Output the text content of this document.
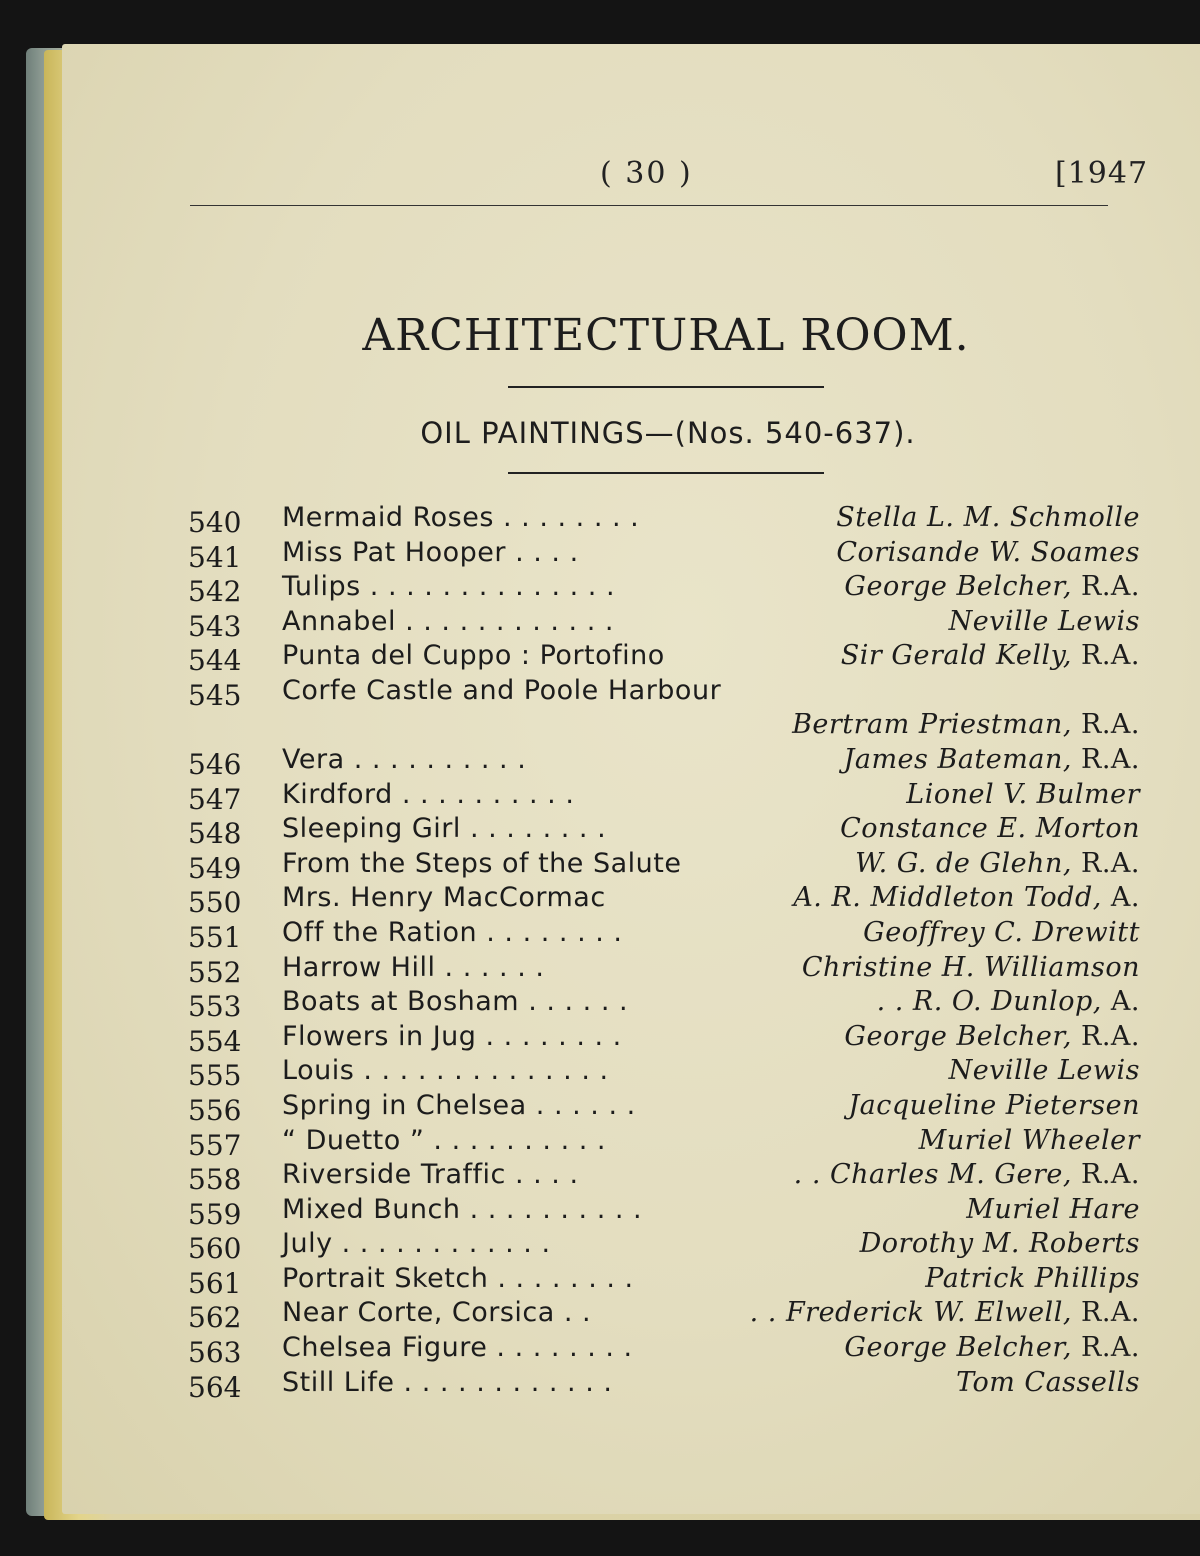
( 30 )	[1947
ARCHITECTURAL ROOM.
OIL PAINTINGS—(Nos. 540-637).
540 Mermaid Roses . . . . . . . .	Stella L. M. Schmolle
541 Miss Pat Hooper . . . .	Corisande W. Soames
542 Tulips . . . . . . . . . . . . . .	George Belcher, R.A.
543 Annabel . . . . . . . . . . . .	Neville Lewis
544 Punta del Cuppo : Portofino	Sir Gerald Kelly, R.A.
545 Corfe Castle and Poole Harbour
Bertram Priestman, R.A.
546 Vera . . . . . . . . . .	James Bateman, R.A.
547 Kirdford . . . . . . . . . .	Lionel V. Bulmer
548 Sleeping Girl . . . . . . . .	Constance E. Morton
549 From the Steps of the Salute	W. G. de Glehn, R.A.
550 Mrs. Henry MacCormac	A. R. Middleton Todd, A.
551 Off the Ration . . . . . . . .	Geoffrey C. Drewitt
552 Harrow Hill . . . . . .	Christine H. Williamson
553 Boats at Bosham . . . . . .	. . R. O. Dunlop, A.
554 Flowers in Jug . . . . . . . .	George Belcher, R.A.
555 Louis . . . . . . . . . . . . . .	Neville Lewis
556 Spring in Chelsea . . . . . .	Jacqueline Pietersen
557 “ Duetto ” . . . . . . . . . .	Muriel Wheeler
558 Riverside Traffic . . . .	. . Charles M. Gere, R.A.
559 Mixed Bunch . . . . . . . . . .	Muriel Hare
560 July . . . . . . . . . . . .	Dorothy M. Roberts
561 Portrait Sketch . . . . . . . .	Patrick Phillips
562 Near Corte, Corsica . .	. . Frederick W. Elwell, R.A.
563 Chelsea Figure . . . . . . . .	George Belcher, R.A.
564 Still Life . . . . . . . . . . . .	Tom Cassells
